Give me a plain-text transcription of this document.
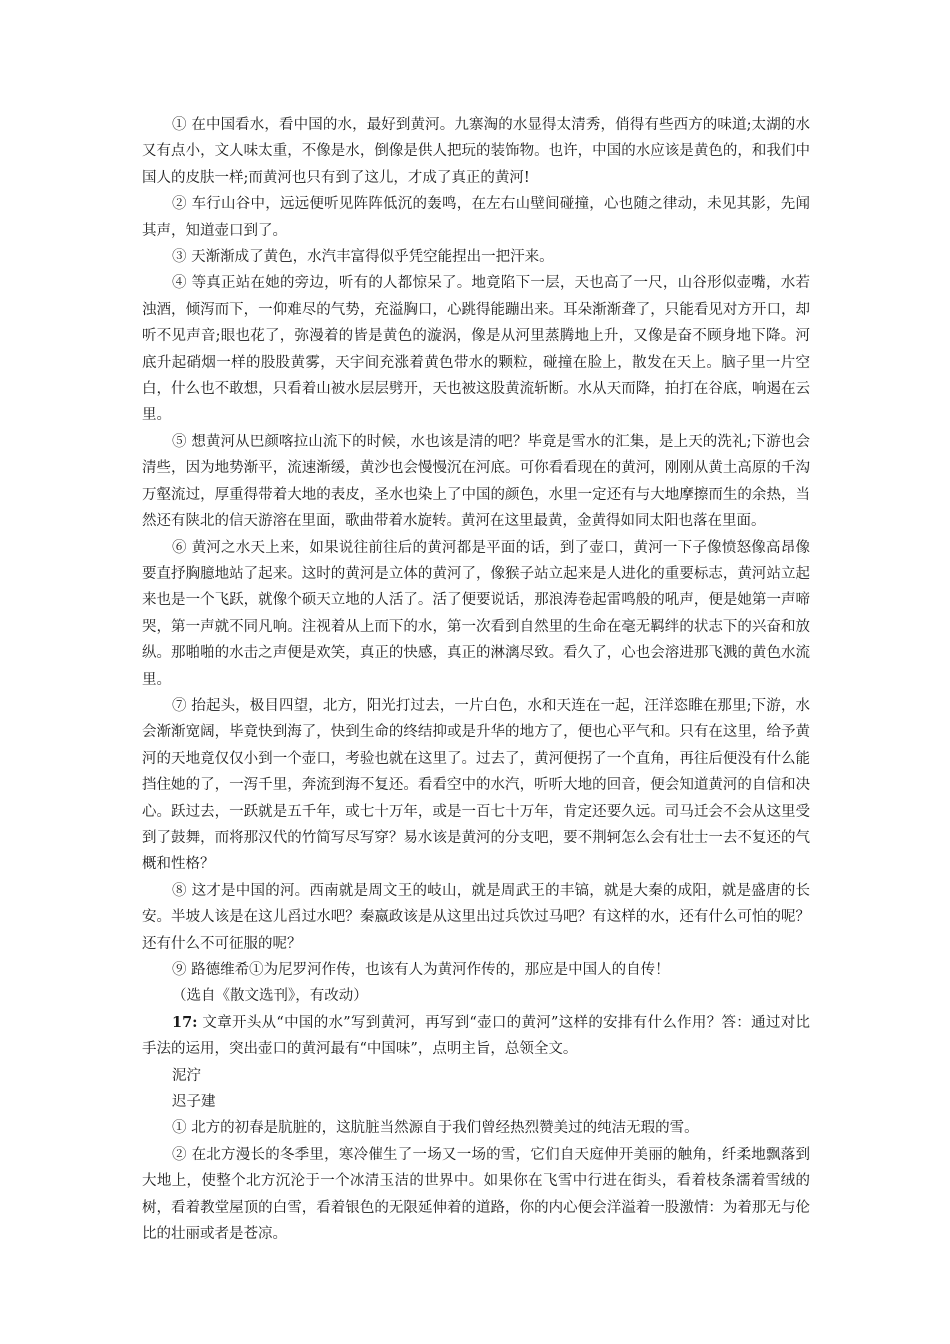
① 在中国看水，看中国的水，最好到黄河。九寨淘的水显得太清秀，俏得有些西方的味道;太湖的水又有点小，文人味太重，不像是水，倒像是供人把玩的装饰物。也许，中国的水应该是黄色的，和我们中国人的皮肤一样;而黄河也只有到了这儿，才成了真正的黄河!

② 车行山谷中，远远便听见阵阵低沉的轰鸣，在左右山壁间碰撞，心也随之律动，未见其影，先闻其声，知道壶口到了。

③ 天渐渐成了黄色，水汽丰富得似乎凭空能捏出一把汗来。

④ 等真正站在她的旁边，听有的人都惊呆了。地竟陷下一层，天也高了一尺，山谷形似壶嘴，水若浊酒，倾泻而下，一仰难尽的气势，充溢胸口，心跳得能蹦出来。耳朵渐渐聋了，只能看见对方开口，却听不见声音;眼也花了，弥漫着的皆是黄色的漩涡，像是从河里蒸腾地上升，又像是奋不顾身地下降。河底升起硝烟一样的股股黄雾，天宇间充涨着黄色带水的颗粒，碰撞在脸上，散发在天上。脑子里一片空白，什么也不敢想，只看着山被水层层劈开，天也被这股黄流斩断。水从天而降，拍打在谷底，响遏在云里。

⑤ 想黄河从巴颜喀拉山流下的时候，水也该是清的吧？毕竟是雪水的汇集，是上天的洗礼;下游也会清些，因为地势渐平，流速渐缓，黄沙也会慢慢沉在河底。可你看看现在的黄河，刚刚从黄土高原的千沟万壑流过，厚重得带着大地的表皮，圣水也染上了中国的颜色，水里一定还有与大地摩擦而生的余热，当然还有陕北的信天游溶在里面，歌曲带着水旋转。黄河在这里最黄，金黄得如同太阳也落在里面。

⑥ 黄河之水天上来，如果说往前往后的黄河都是平面的话，到了壶口，黄河一下子像愤怒像高昂像要直抒胸臆地站了起来。这时的黄河是立体的黄河了，像猴子站立起来是人进化的重要标志，黄河站立起来也是一个飞跃，就像个硕天立地的人活了。活了便要说话，那浪涛卷起雷鸣般的吼声，便是她第一声啼哭，第一声就不同凡响。注视着从上而下的水，第一次看到自然里的生命在毫无羁绊的状志下的兴奋和放纵。那啪啪的水击之声便是欢笑，真正的快感，真正的淋漓尽致。看久了，心也会溶进那飞溅的黄色水流里。

⑦ 抬起头，极目四望，北方，阳光打过去，一片白色，水和天连在一起，汪洋恣睢在那里;下游，水会渐渐宽阔，毕竟快到海了，快到生命的终结抑或是升华的地方了，便也心平气和。只有在这里，给予黄河的天地竟仅仅小到一个壶口，考验也就在这里了。过去了，黄河便拐了一个直角，再往后便没有什么能挡住她的了，一泻千里，奔流到海不复还。看看空中的水汽，听听大地的回音，便会知道黄河的自信和决心。跃过去，一跃就是五千年，或七十万年，或是一百七十万年，肯定还要久远。司马迁会不会从这里受到了鼓舞，而将那汉代的竹简写尽写穿？易水该是黄河的分支吧，要不荆轲怎么会有壮士一去不复还的气概和性格？

⑧ 这才是中国的河。西南就是周文王的岐山，就是周武王的丰镐，就是大秦的成阳，就是盛唐的长安。半坡人该是在这儿舀过水吧？秦嬴政该是从这里出过兵饮过马吧？有这样的水，还有什么可怕的呢？还有什么不可征服的呢？

⑨ 路德维希①为尼罗河作传，也该有人为黄河作传的，那应是中国人的自传！

（选自《散文选刊》，有改动）

17: 文章开头从“中国的水”写到黄河，再写到“壶口的黄河”这样的安排有什么作用？答：通过对比手法的运用，突出壶口的黄河最有“中国味”，点明主旨，总领全文。

泥泞

迟子建

① 北方的初春是肮脏的，这肮脏当然源自于我们曾经热烈赞美过的纯洁无瑕的雪。

② 在北方漫长的冬季里，寒冷催生了一场又一场的雪，它们自天庭伸开美丽的触角，纤柔地飘落到大地上，使整个北方沉沦于一个冰清玉洁的世界中。如果你在飞雪中行进在街头，看着枝条濡着雪绒的树，看着教堂屋顶的白雪，看着银色的无限延伸着的道路，你的内心便会洋溢着一股激情：为着那无与伦比的壮丽或者是苍凉。
